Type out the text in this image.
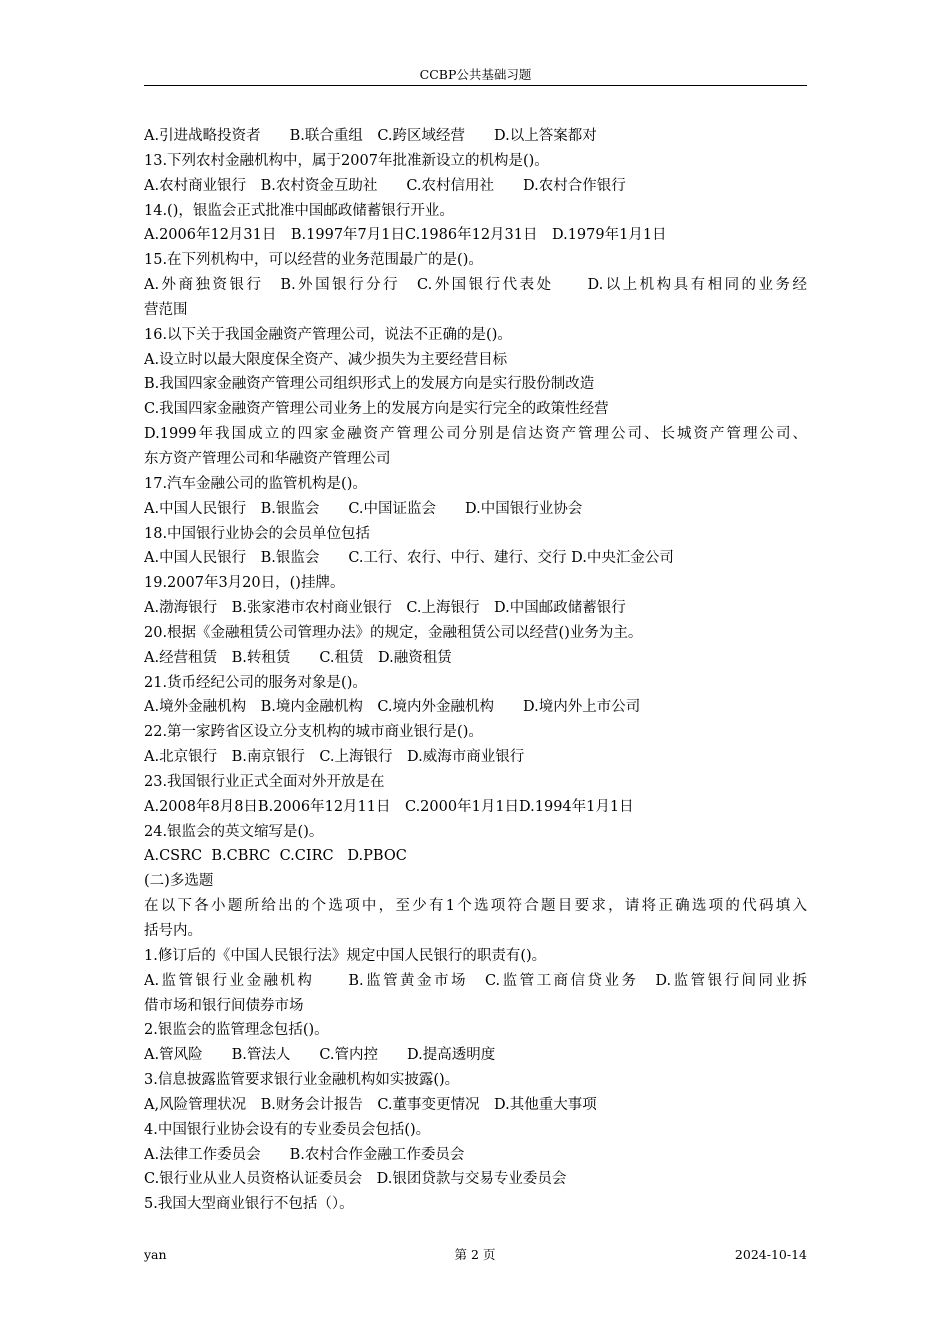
CCBP公共基础习题
A.引进战略投资者　　B.联合重组　C.跨区域经营　　D.以上答案都对
13.下列农村金融机构中，属于2007年批准新设立的机构是()。
A.农村商业银行　B.农村资金互助社　　C.农村信用社　　D.农村合作银行
14.()，银监会正式批准中国邮政储蓄银行开业。
A.2006年12月31日　B.1997年7月1日C.1986年12月31日　D.1979年1月1日
15.在下列机构中，可以经营的业务范围最广的是()。
A.外商独资银行　B.外国银行分行　C.外国银行代表处　　D.以上机构具有相同的业务经
营范围
16.以下关于我国金融资产管理公司，说法不正确的是()。
A.设立时以最大限度保全资产、减少损失为主要经营目标
B.我国四家金融资产管理公司组织形式上的发展方向是实行股份制改造
C.我国四家金融资产管理公司业务上的发展方向是实行完全的政策性经营
D.1999年我国成立的四家金融资产管理公司分别是信达资产管理公司、长城资产管理公司、
东方资产管理公司和华融资产管理公司
17.汽车金融公司的监管机构是()。
A.中国人民银行　B.银监会　　C.中国证监会　　D.中国银行业协会
18.中国银行业协会的会员单位包括
A.中国人民银行　B.银监会　　C.工行、农行、中行、建行、交行 D.中央汇金公司
19.2007年3月20日，()挂牌。
A.渤海银行　B.张家港市农村商业银行　C.上海银行　D.中国邮政储蓄银行
20.根据《金融租赁公司管理办法》的规定，金融租赁公司以经营()业务为主。
A.经营租赁　B.转租赁　　C.租赁　D.融资租赁
21.货币经纪公司的服务对象是()。
A.境外金融机构　B.境内金融机构　C.境内外金融机构　　D.境内外上市公司
22.第一家跨省区设立分支机构的城市商业银行是()。
A.北京银行　B.南京银行　C.上海银行　D.威海市商业银行
23.我国银行业正式全面对外开放是在
A.2008年8月8日B.2006年12月11日　C.2000年1月1日D.1994年1月1日
24.银监会的英文缩写是()。
A.CSRC  B.CBRC  C.CIRC   D.PBOC
(二)多选题
在以下各小题所给出的个选项中，至少有1个选项符合题目要求，请将正确选项的代码填入
括号内。
1.修订后的《中国人民银行法》规定中国人民银行的职责有()。
A.监管银行业金融机构　　B.监管黄金市场　C.监管工商信贷业务　D.监管银行间同业拆
借市场和银行间债券市场
2.银监会的监管理念包括()。
A.管风险　　B.管法人　　C.管内控　　D.提高透明度
3.信息披露监管要求银行业金融机构如实披露()。
A,风险管理状况　B.财务会计报告　C.董事变更情况　D.其他重大事项
4.中国银行业协会设有的专业委员会包括()。
A.法律工作委员会　　B.农村合作金融工作委员会
C.银行业从业人员资格认证委员会　D.银团贷款与交易专业委员会
5.我国大型商业银行不包括（）。
yan	第 2 页	2024-10-14
